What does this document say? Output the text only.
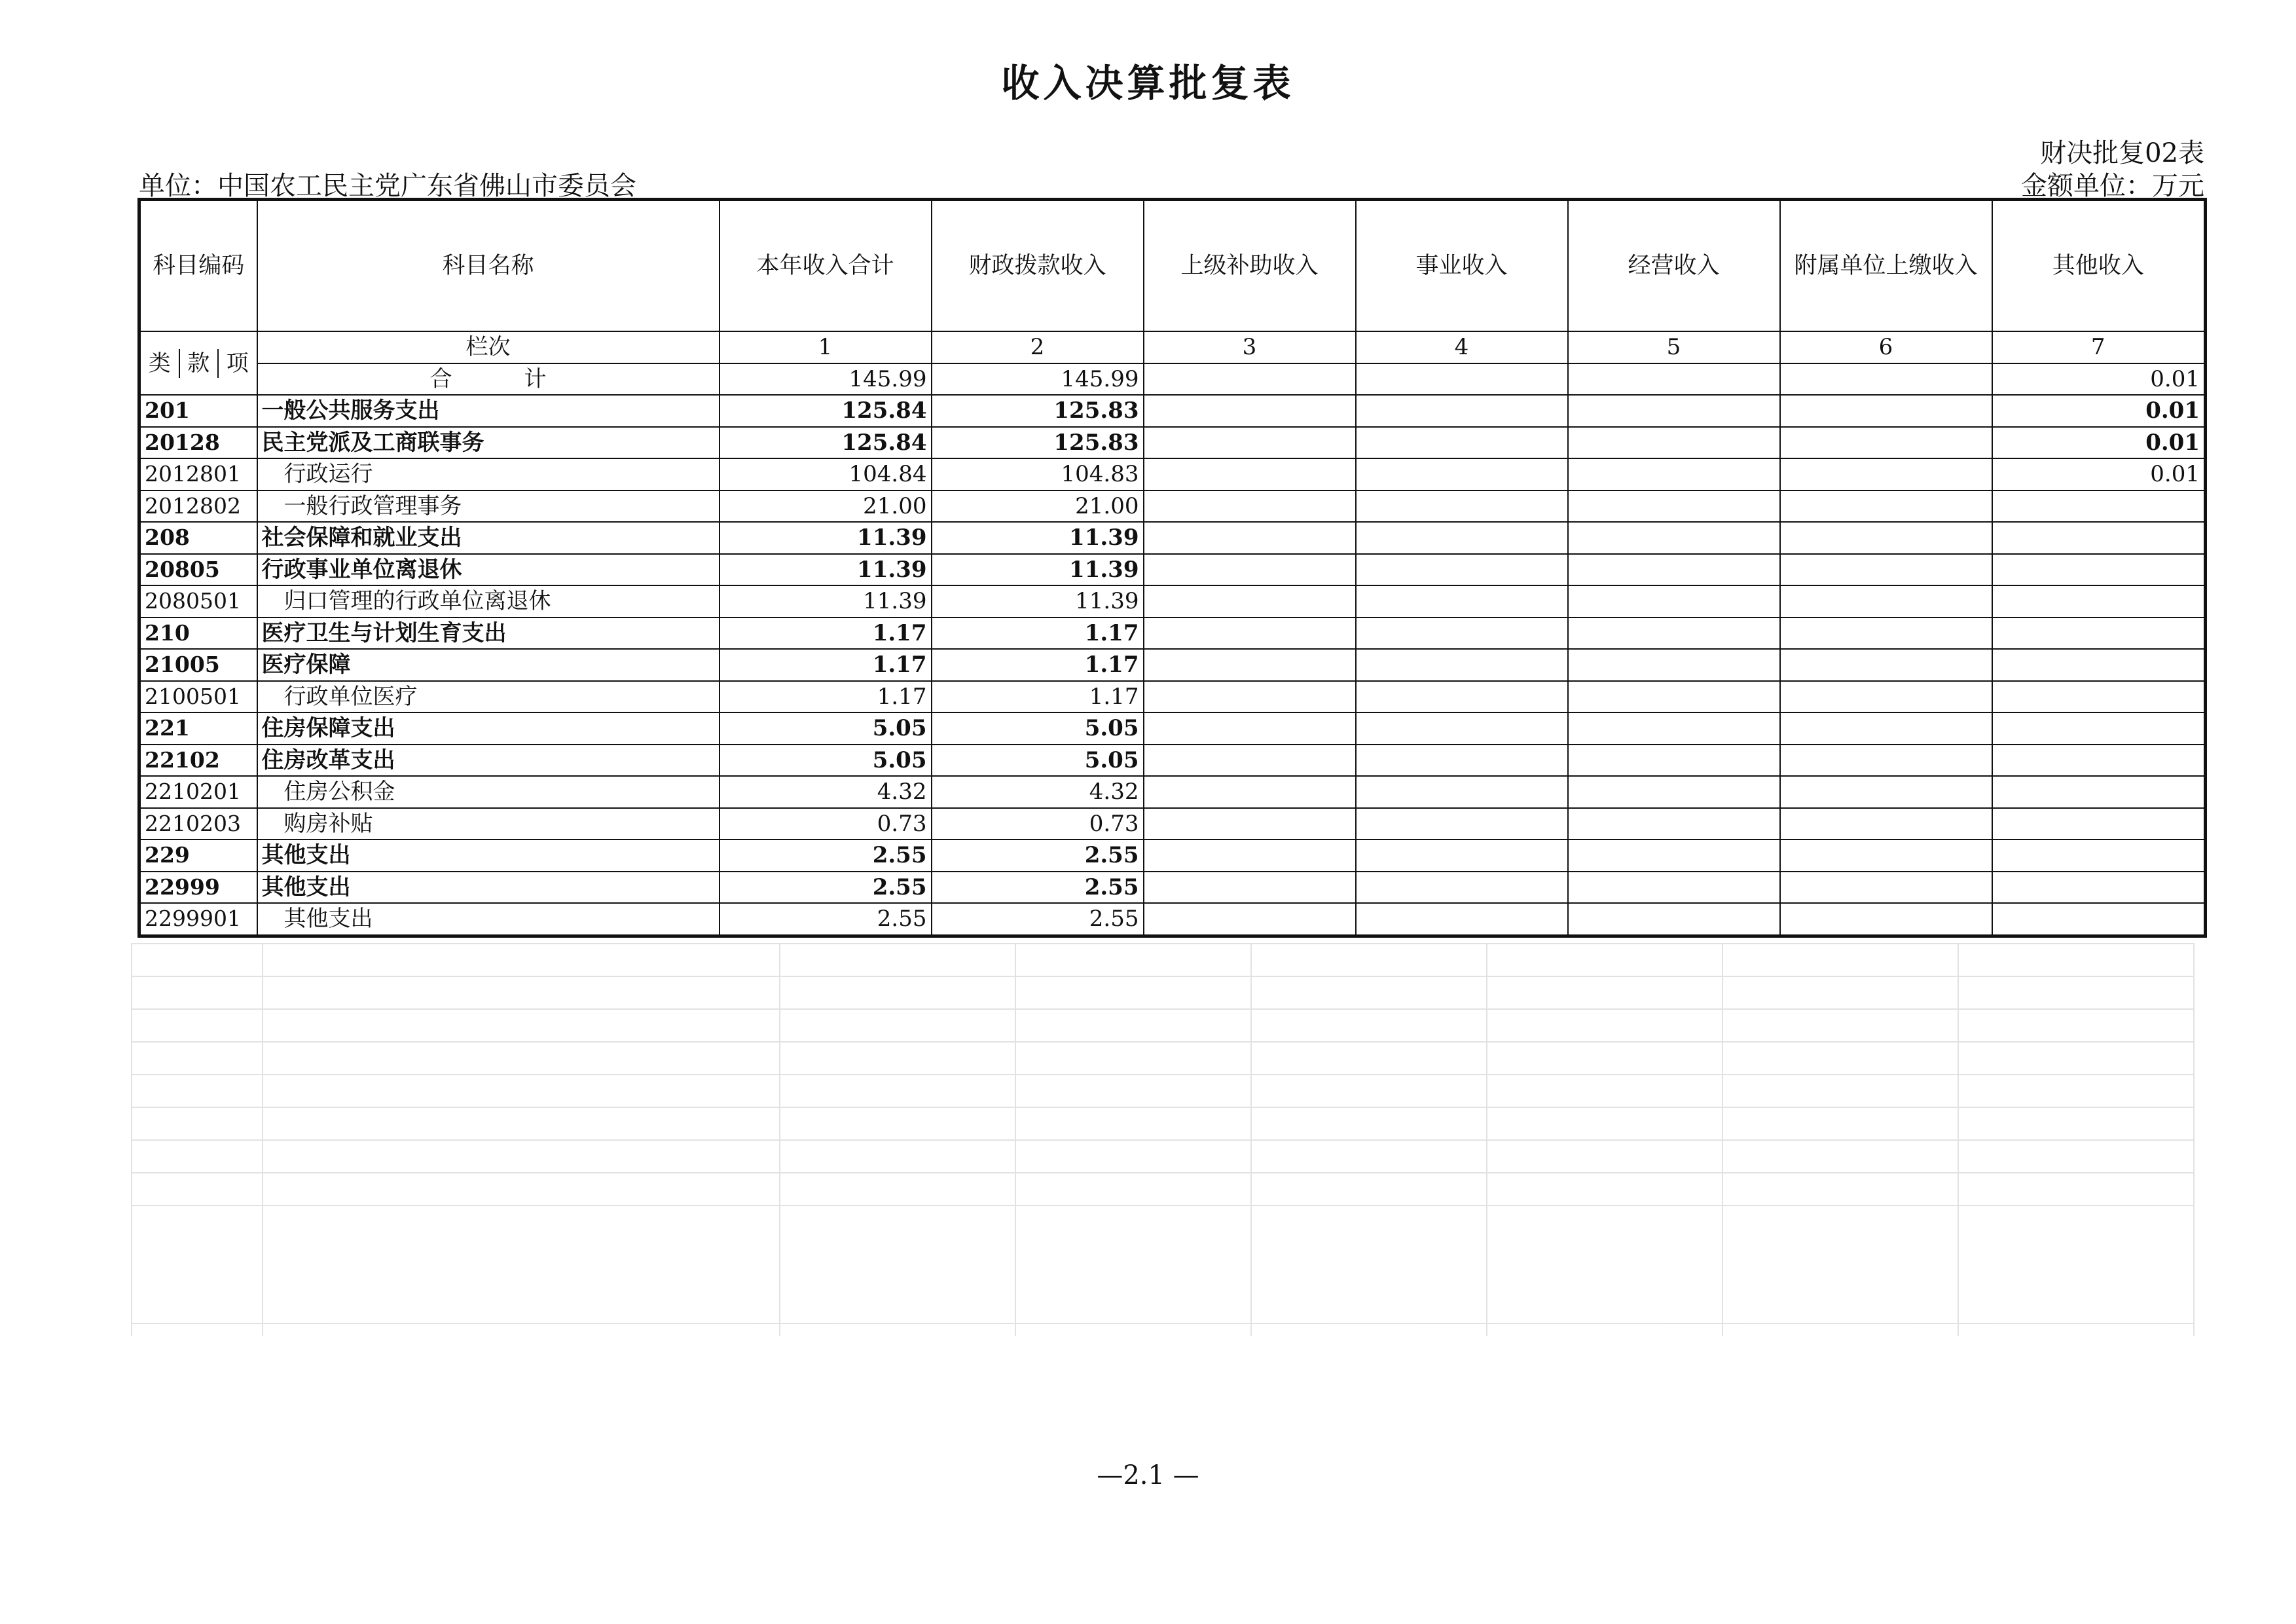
收入决算批复表
财决批复02表
单位：中国农工民主党广东省佛山市委员会	金额单位：万元
科目编码	科目名称	本年收入合计	财政拨款收入	上级补助收入	事业收入	经营收入	附属单位上缴收入	其他收入

类 款 项	栏次	1	2	3	4	5	6	7
	合计	145.99	145.99					0.01
201	一般公共服务支出	125.84	125.83					0.01
20128	民主党派及工商联事务	125.84	125.83					0.01
2012801	行政运行	104.84	104.83					0.01
2012802	一般行政管理事务	21.00	21.00					
208	社会保障和就业支出	11.39	11.39					
20805	行政事业单位离退休	11.39	11.39					
2080501	归口管理的行政单位离退休	11.39	11.39					
210	医疗卫生与计划生育支出	1.17	1.17					
21005	医疗保障	1.17	1.17					
2100501	行政单位医疗	1.17	1.17					
221	住房保障支出	5.05	5.05					
22102	住房改革支出	5.05	5.05					
2210201	住房公积金	4.32	4.32					
2210203	购房补贴	0.73	0.73					
229	其他支出	2.55	2.55					
22999	其他支出	2.55	2.55					
2299901	其他支出	2.55	2.55					
—2.1 —
